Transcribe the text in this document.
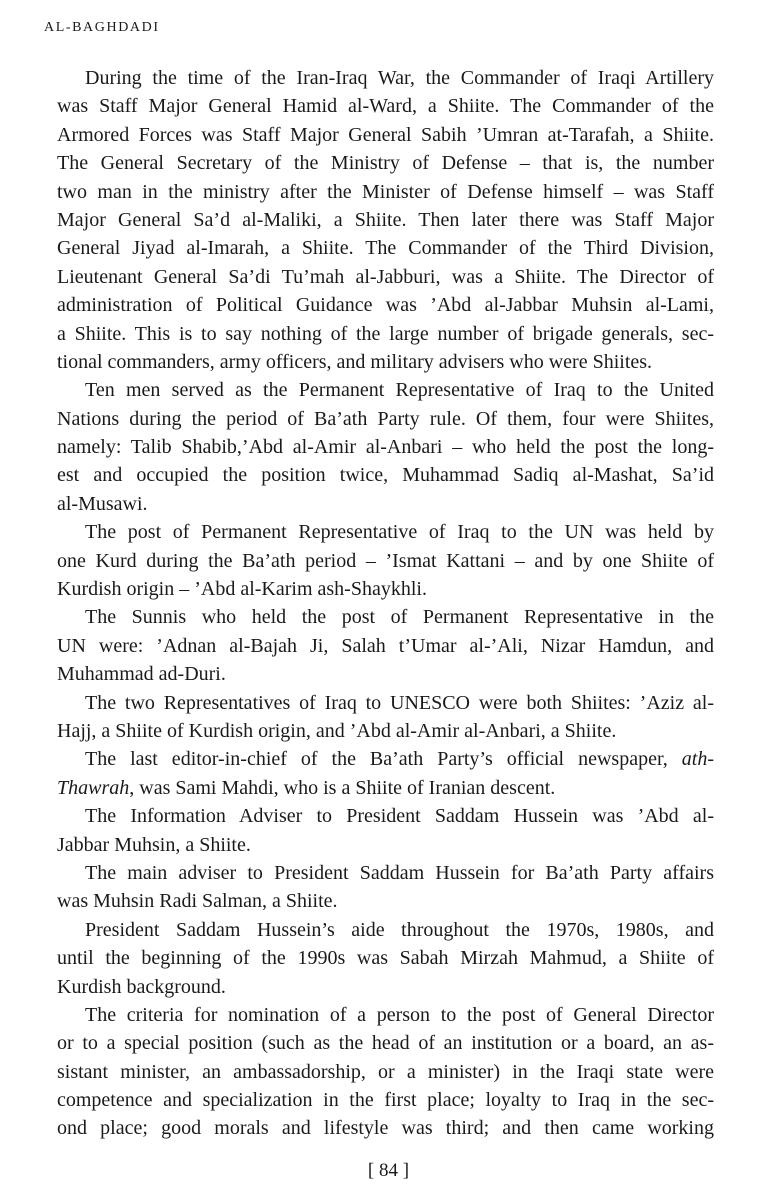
AL-BAGHDADI
During the time of the Iran-Iraq War, the Commander of Iraqi Artillery
was Staff Major General Hamid al-Ward, a Shiite. The Commander of the
Armored Forces was Staff Major General Sabih ’Umran at-Tarafah, a Shiite.
The General Secretary of the Ministry of Defense – that is, the number
two man in the ministry after the Minister of Defense himself – was Staff
Major General Sa’d al-Maliki, a Shiite. Then later there was Staff Major
General Jiyad al-Imarah, a Shiite. The Commander of the Third Division,
Lieutenant General Sa’di Tu’mah al-Jabburi, was a Shiite. The Director of
administration of Political Guidance was ’Abd al-Jabbar Muhsin al-Lami,
a Shiite. This is to say nothing of the large number of brigade generals, sec-
tional commanders, army officers, and military advisers who were Shiites.
Ten men served as the Permanent Representative of Iraq to the United
Nations during the period of Ba’ath Party rule. Of them, four were Shiites,
namely: Talib Shabib,’Abd al-Amir al-Anbari – who held the post the long-
est and occupied the position twice, Muhammad Sadiq al-Mashat, Sa’id
al-Musawi.
The post of Permanent Representative of Iraq to the UN was held by
one Kurd during the Ba’ath period – ’Ismat Kattani – and by one Shiite of
Kurdish origin – ’Abd al-Karim ash-Shaykhli.
The Sunnis who held the post of Permanent Representative in the
UN were: ’Adnan al-Bajah Ji, Salah t’Umar al-’Ali, Nizar Hamdun, and
Muhammad ad-Duri.
The two Representatives of Iraq to UNESCO were both Shiites: ’Aziz al-
Hajj, a Shiite of Kurdish origin, and ’Abd al-Amir al-Anbari, a Shiite.
The last editor-in-chief of the Ba’ath Party’s official newspaper, ath-
Thawrah, was Sami Mahdi, who is a Shiite of Iranian descent.
The Information Adviser to President Saddam Hussein was ’Abd al-
Jabbar Muhsin, a Shiite.
The main adviser to President Saddam Hussein for Ba’ath Party affairs
was Muhsin Radi Salman, a Shiite.
President Saddam Hussein’s aide throughout the 1970s, 1980s, and
until the beginning of the 1990s was Sabah Mirzah Mahmud, a Shiite of
Kurdish background.
The criteria for nomination of a person to the post of General Director
or to a special position (such as the head of an institution or a board, an as-
sistant minister, an ambassadorship, or a minister) in the Iraqi state were
competence and specialization in the first place; loyalty to Iraq in the sec-
ond place; good morals and lifestyle was third; and then came working
[ 84 ]
